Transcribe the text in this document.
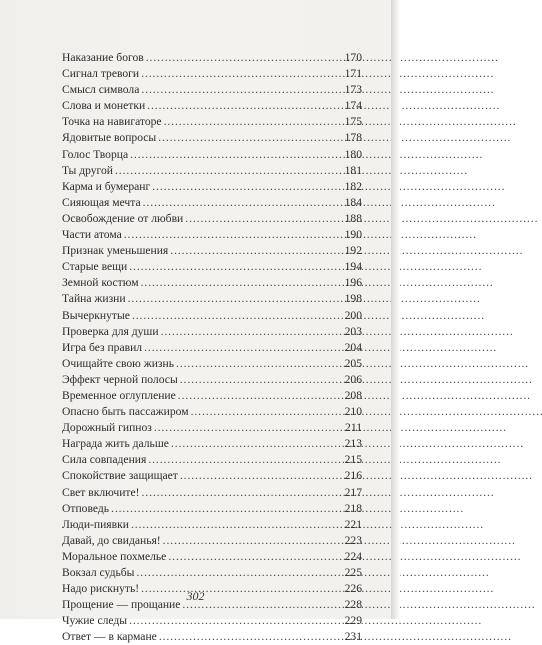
Наказание богов . . .	170
Сигнал тревоги . . .	171
Смысл символа . . .	173
Слова и монетки . . .	174
Точка на навигаторе . . .	175
Ядовитые вопросы . . .	178
Голос Творца . . .	180
Ты другой . . .	181
Карма и бумеранг . . .	182
Сияющая мечта . . .	184
Освобождение от любви . . .	188
Части атома . . .	190
Признак уменьшения . . .	192
Старые вещи . . .	194
Земной костюм . . .	196
Тайна жизни . . .	198
Вычеркнутые . . .	200
Проверка для души . . .	203
Игра без правил . . .	204
Очищайте свою жизнь . . .	205
Эффект черной полосы . . .	206
Временное оглупление . . .	208
Опасно быть пассажиром . . .	210
Дорожный гипноз . . .	211
Награда жить дальше . . .	213
Сила совпадения . . .	215
Спокойствие защищает . . .	216
Свет включите! . . .	217
Отповедь . . .	218
Люди-пиявки . . .	221
Давай, до свиданья! . . .	223
Моральное похмелье . . .	224
Вокзал судьбы . . .	225
Надо рискнуть! . . .	226
Прощение — прощание . . .	228
Чужие следы . . .	229
Ответ — в кармане . . .	231
302
